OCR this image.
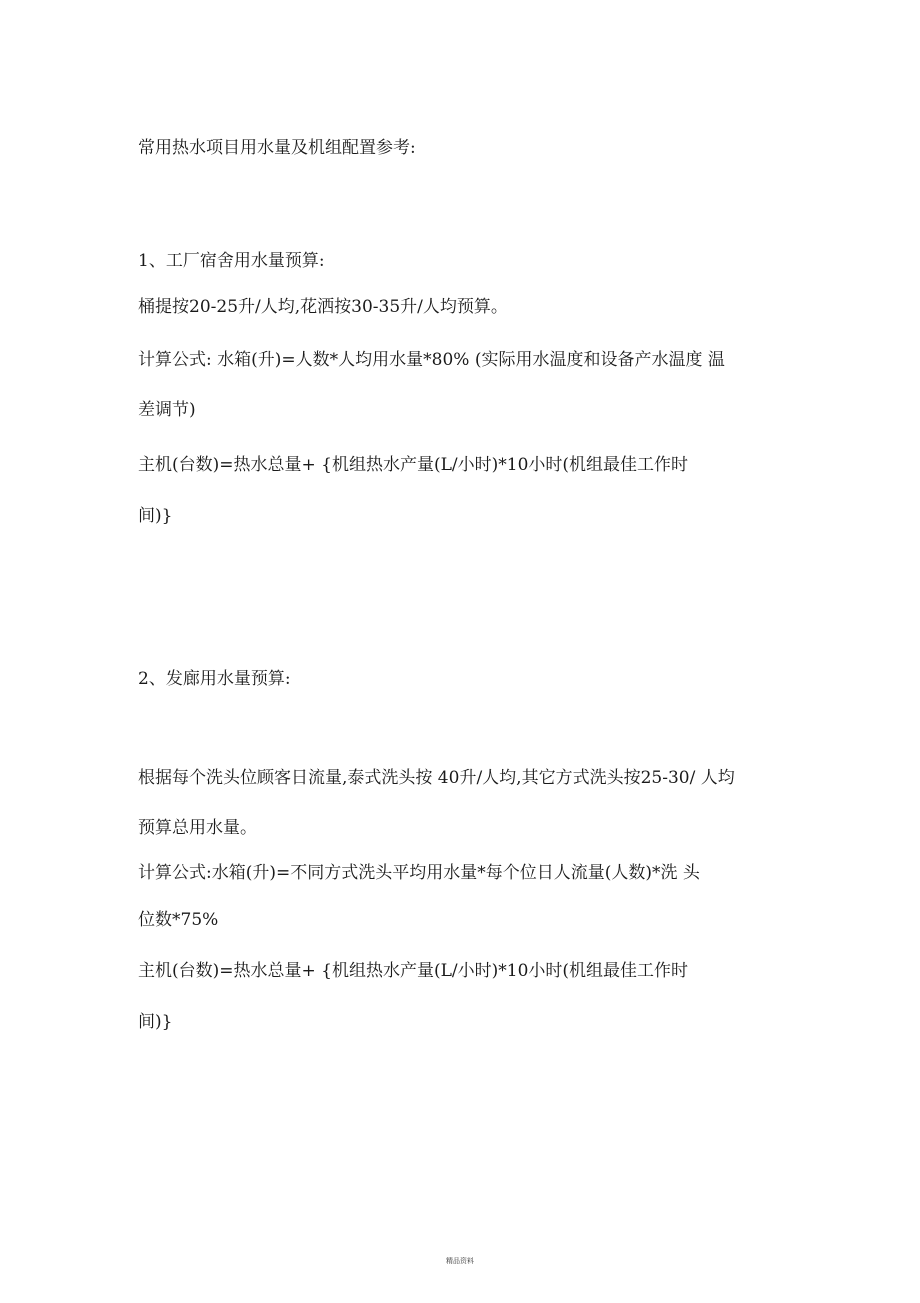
常用热水项目用水量及机组配置参考:

1、工厂宿舍用水量预算:

桶提按20-25升/人均,花洒按30-35升/人均预算。

计算公式: 水箱(升)=人数*人均用水量*80% (实际用水温度和设备产水温度 温

差调节)

主机(台数)=热水总量+ {机组热水产量(L/小时)*10小时(机组最佳工作时

间)}

2、发廊用水量预算:

根据每个洗头位顾客日流量,泰式洗头按 40升/人均,其它方式洗头按25-30/ 人均

预算总用水量。

计算公式:水箱(升)=不同方式洗头平均用水量*每个位日人流量(人数)*洗 头

位数*75%

主机(台数)=热水总量+ {机组热水产量(L/小时)*10小时(机组最佳工作时

间)}

精品资料
